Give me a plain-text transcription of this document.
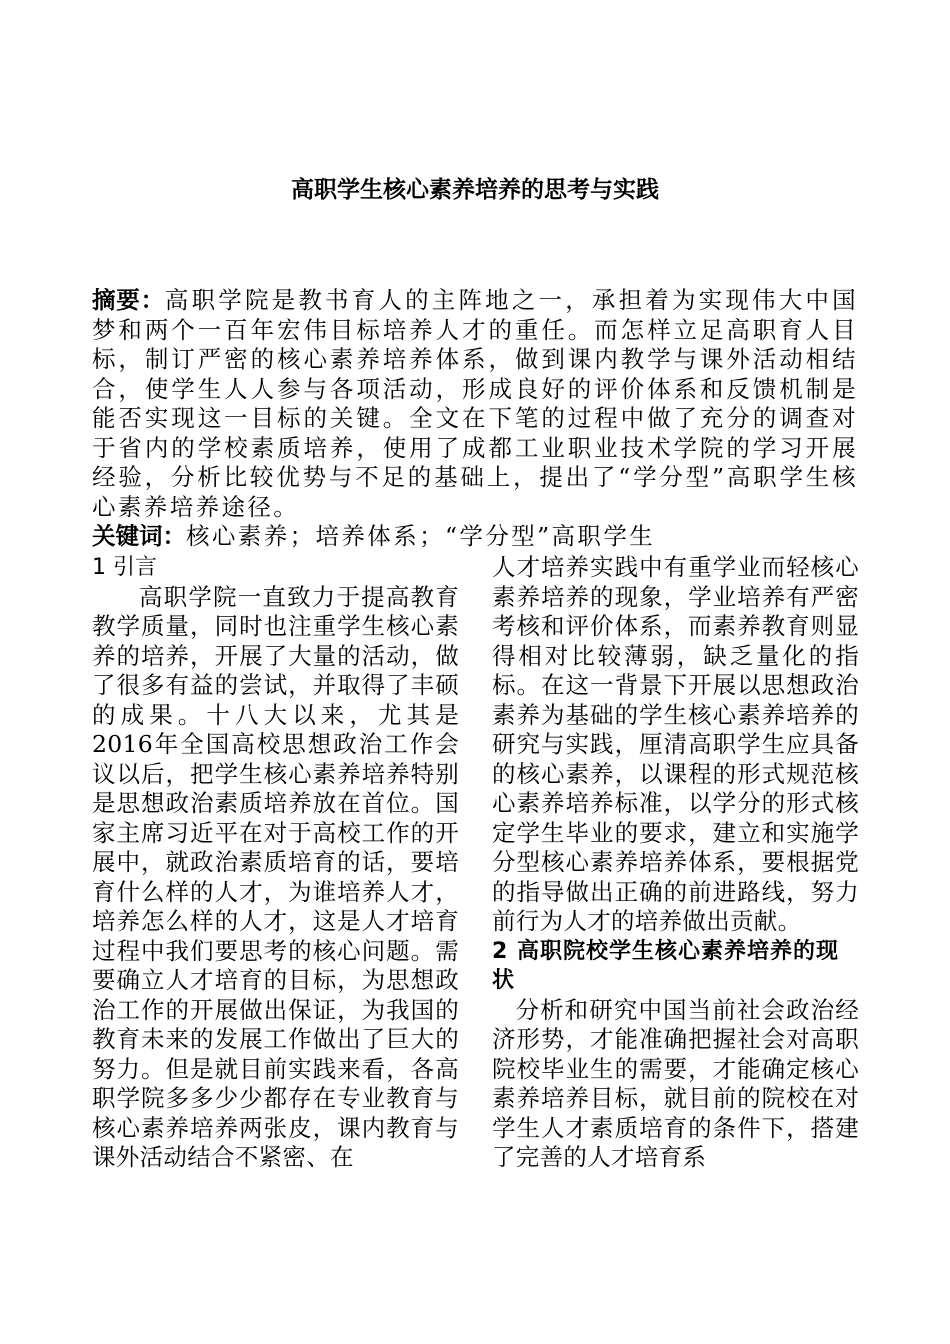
高职学生核心素养培养的思考与实践

摘要：高职学院是教书育人的主阵地之一，承担着为实现伟大中国梦和两个一百年宏伟目标培养人才的重任。而怎样立足高职育人目标，制订严密的核心素养培养体系，做到课内教学与课外活动相结合，使学生人人参与各项活动，形成良好的评价体系和反馈机制是能否实现这一目标的关键。全文在下笔的过程中做了充分的调查对于省内的学校素质培养，使用了成都工业职业技术学院的学习开展经验，分析比较优势与不足的基础上，提出了“学分型”高职学生核心素养培养途径。

关键词：核心素养；培养体系；“学分型”高职学生

1 引言

高职学院一直致力于提高教育教学质量，同时也注重学生核心素养的培养，开展了大量的活动，做了很多有益的尝试，并取得了丰硕的成果。十八大以来，尤其是2016年全国高校思想政治工作会议以后，把学生核心素养培养特别是思想政治素质培养放在首位。国家主席习近平在对于高校工作的开展中，就政治素质培育的话，要培育什么样的人才，为谁培养人才，培养怎么样的人才，这是人才培育过程中我们要思考的核心问题。需要确立人才培育的目标，为思想政治工作的开展做出保证，为我国的教育未来的发展工作做出了巨大的努力。但是就目前实践来看，各高职学院多多少少都存在专业教育与核心素养培养两张皮，课内教育与课外活动结合不紧密、在

人才培养实践中有重学业而轻核心素养培养的现象，学业培养有严密考核和评价体系，而素养教育则显得相对比较薄弱，缺乏量化的指标。在这一背景下开展以思想政治素养为基础的学生核心素养培养的研究与实践，厘清高职学生应具备的核心素养，以课程的形式规范核心素养培养标准，以学分的形式核定学生毕业的要求，建立和实施学分型核心素养培养体系，要根据党的指导做出正确的前进路线，努力前行为人才的培养做出贡献。

2 高职院校学生核心素养培养的现状

分析和研究中国当前社会政治经济形势，才能准确把握社会对高职院校毕业生的需要，才能确定核心素养培养目标，就目前的院校在对学生人才素质培育的条件下，搭建了完善的人才培育系
